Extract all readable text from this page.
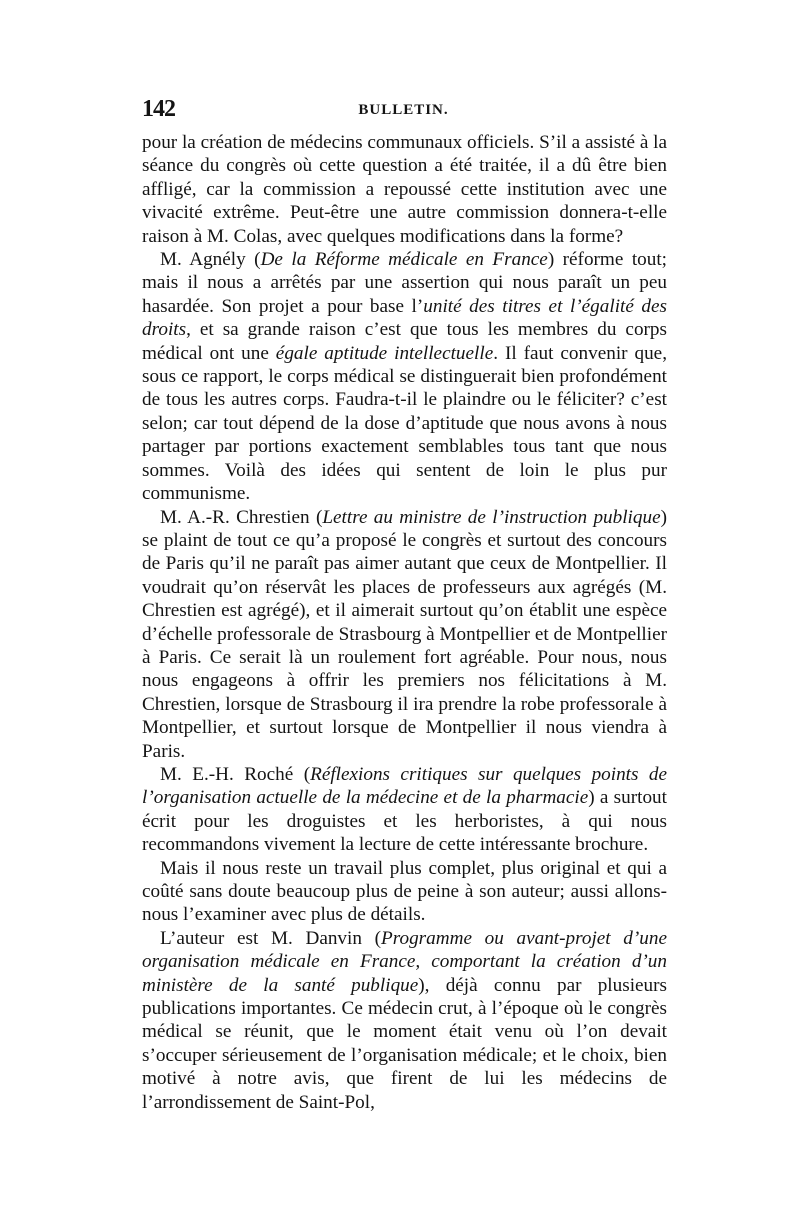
142	BULLETIN.

pour la création de médecins communaux officiels. S’il a assisté à la séance du congrès où cette question a été traitée, il a dû être bien affligé, car la commission a repoussé cette institution avec une vivacité extrême. Peut-être une autre commission donnera-t-elle raison à M. Colas, avec quelques modifications dans la forme?

M. Agnély (De la Réforme médicale en France) réforme tout; mais il nous a arrêtés par une assertion qui nous paraît un peu hasardée. Son projet a pour base l’unité des titres et l’égalité des droits, et sa grande raison c’est que tous les membres du corps médical ont une égale aptitude intellectuelle. Il faut convenir que, sous ce rapport, le corps médical se distinguerait bien profondément de tous les autres corps. Faudra-t-il le plaindre ou le féliciter? c’est selon; car tout dépend de la dose d’aptitude que nous avons à nous partager par portions exactement semblables tous tant que nous sommes. Voilà des idées qui sentent de loin le plus pur communisme.

M. A.-R. Chrestien (Lettre au ministre de l’instruction publique) se plaint de tout ce qu’a proposé le congrès et surtout des concours de Paris qu’il ne paraît pas aimer autant que ceux de Montpellier. Il voudrait qu’on réservât les places de professeurs aux agrégés (M. Chrestien est agrégé), et il aimerait surtout qu’on établit une espèce d’échelle professorale de Strasbourg à Montpellier et de Montpellier à Paris. Ce serait là un roulement fort agréable. Pour nous, nous nous engageons à offrir les premiers nos félicitations à M. Chrestien, lorsque de Strasbourg il ira prendre la robe professorale à Montpellier, et surtout lorsque de Montpellier il nous viendra à Paris.

M. E.-H. Roché (Réflexions critiques sur quelques points de l’organisation actuelle de la médecine et de la pharmacie) a surtout écrit pour les droguistes et les herboristes, à qui nous recommandons vivement la lecture de cette intéressante brochure.

Mais il nous reste un travail plus complet, plus original et qui a coûté sans doute beaucoup plus de peine à son auteur; aussi allons-nous l’examiner avec plus de détails.

L’auteur est M. Danvin (Programme ou avant-projet d’une organisation médicale en France, comportant la création d’un ministère de la santé publique), déjà connu par plusieurs publications importantes. Ce médecin crut, à l’époque où le congrès médical se réunit, que le moment était venu où l’on devait s’occuper sérieusement de l’organisation médicale; et le choix, bien motivé à notre avis, que firent de lui les médecins de l’arrondissement de Saint-Pol,
